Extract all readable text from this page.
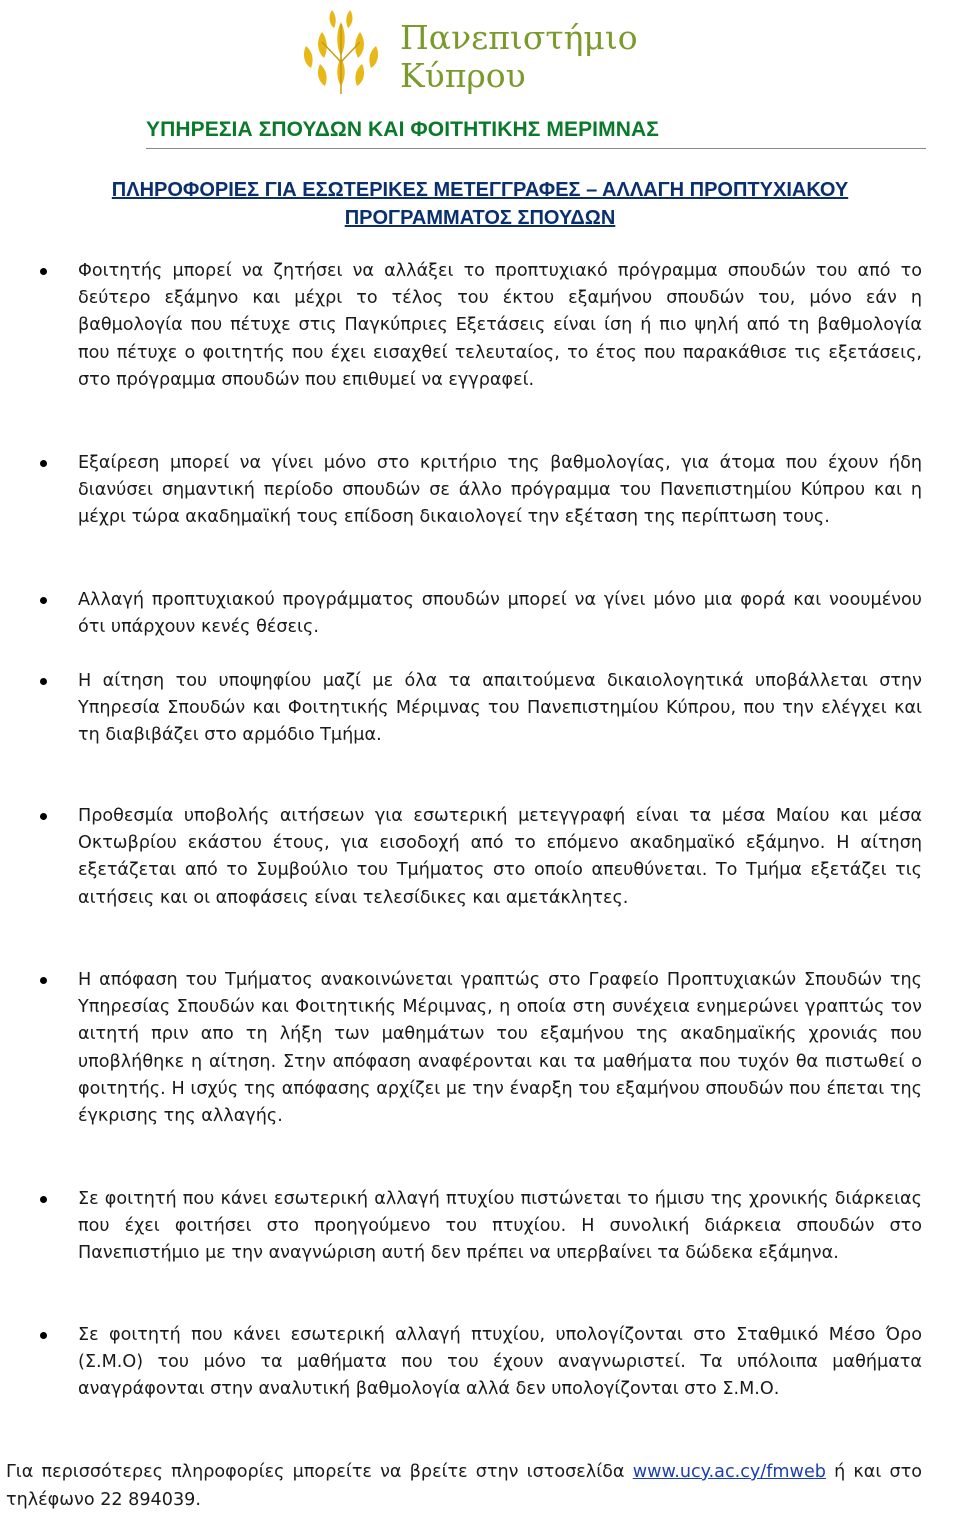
Πανεπιστήμιο
Κύπρου
ΥΠΗΡΕΣΙΑ ΣΠΟΥΔΩΝ ΚΑΙ ΦΟΙΤΗΤΙΚΗΣ ΜΕΡΙΜΝΑΣ
ΠΛΗΡΟΦΟΡΙΕΣ ΓΙΑ ΕΣΩΤΕΡΙΚΕΣ ΜΕΤΕΓΓΡΑΦΕΣ – ΑΛΛΑΓΗ ΠΡΟΠΤΥΧΙΑΚΟΥ
ΠΡΟΓΡΑΜΜΑΤΟΣ ΣΠΟΥΔΩΝ
Φοιτητής μπορεί να ζητήσει να αλλάξει το προπτυχιακό πρόγραμμα σπουδών του από το δεύτερο εξάμηνο και μέχρι το τέλος του έκτου εξαμήνου σπουδών του, μόνο εάν η βαθμολογία που πέτυχε στις Παγκύπριες Εξετάσεις είναι ίση ή πιο ψηλή από τη βαθμολογία που πέτυχε ο φοιτητής που έχει εισαχθεί τελευταίος, το έτος που παρακάθισε τις εξετάσεις, στο πρόγραμμα σπουδών που επιθυμεί να εγγραφεί.
Εξαίρεση μπορεί να γίνει μόνο στο κριτήριο της βαθμολογίας, για άτομα που έχουν ήδη διανύσει σημαντική περίοδο σπουδών σε άλλο πρόγραμμα του Πανεπιστημίου Κύπρου και η μέχρι τώρα ακαδημαϊκή τους επίδοση δικαιολογεί την εξέταση της περίπτωση τους.
Αλλαγή προπτυχιακού προγράμματος σπουδών μπορεί να γίνει μόνο μια φορά και νοουμένου ότι υπάρχουν κενές θέσεις.
Η αίτηση του υποψηφίου μαζί με όλα τα απαιτούμενα δικαιολογητικά υποβάλλεται στην Υπηρεσία Σπουδών και Φοιτητικής Μέριμνας του Πανεπιστημίου Κύπρου, που την ελέγχει και τη διαβιβάζει στο αρμόδιο Τμήμα.
Προθεσμία υποβολής αιτήσεων για εσωτερική μετεγγραφή είναι τα μέσα Μαίου και μέσα Οκτωβρίου εκάστου έτους, για εισοδοχή από το επόμενο ακαδημαϊκό εξάμηνο. Η αίτηση εξετάζεται από το Συμβούλιο του Τμήματος στο οποίο απευθύνεται. Το Τμήμα εξετάζει τις αιτήσεις και οι αποφάσεις είναι τελεσίδικες και αμετάκλητες.
Η απόφαση του Τμήματος ανακοινώνεται γραπτώς στο Γραφείο Προπτυχιακών Σπουδών της Υπηρεσίας Σπουδών και Φοιτητικής Μέριμνας, η οποία στη συνέχεια ενημερώνει γραπτώς τον αιτητή πριν απο τη λήξη των μαθημάτων του εξαμήνου της ακαδημαϊκής χρονιάς που υποβλήθηκε η αίτηση. Στην απόφαση αναφέρονται και τα μαθήματα που τυχόν θα πιστωθεί ο φοιτητής. Η ισχύς της απόφασης αρχίζει με την έναρξη του εξαμήνου σπουδών που έπεται της έγκρισης της αλλαγής.
Σε φοιτητή που κάνει εσωτερική αλλαγή πτυχίου πιστώνεται το ήμισυ της χρονικής διάρκειας που έχει φοιτήσει στο προηγούμενο του πτυχίου. Η συνολική διάρκεια σπουδών στο Πανεπιστήμιο με την αναγνώριση αυτή δεν πρέπει να υπερβαίνει τα δώδεκα εξάμηνα.
Σε φοιτητή που κάνει εσωτερική αλλαγή πτυχίου, υπολογίζονται στο Σταθμικό Μέσο Όρο (Σ.Μ.Ο) του μόνο τα μαθήματα που του έχουν αναγνωριστεί. Τα υπόλοιπα μαθήματα αναγράφονται στην αναλυτική βαθμολογία αλλά δεν υπολογίζονται στο Σ.Μ.Ο.
Για περισσότερες πληροφορίες μπορείτε να βρείτε στην ιστοσελίδα www.ucy.ac.cy/fmweb ή και στο τηλέφωνο 22 894039.
